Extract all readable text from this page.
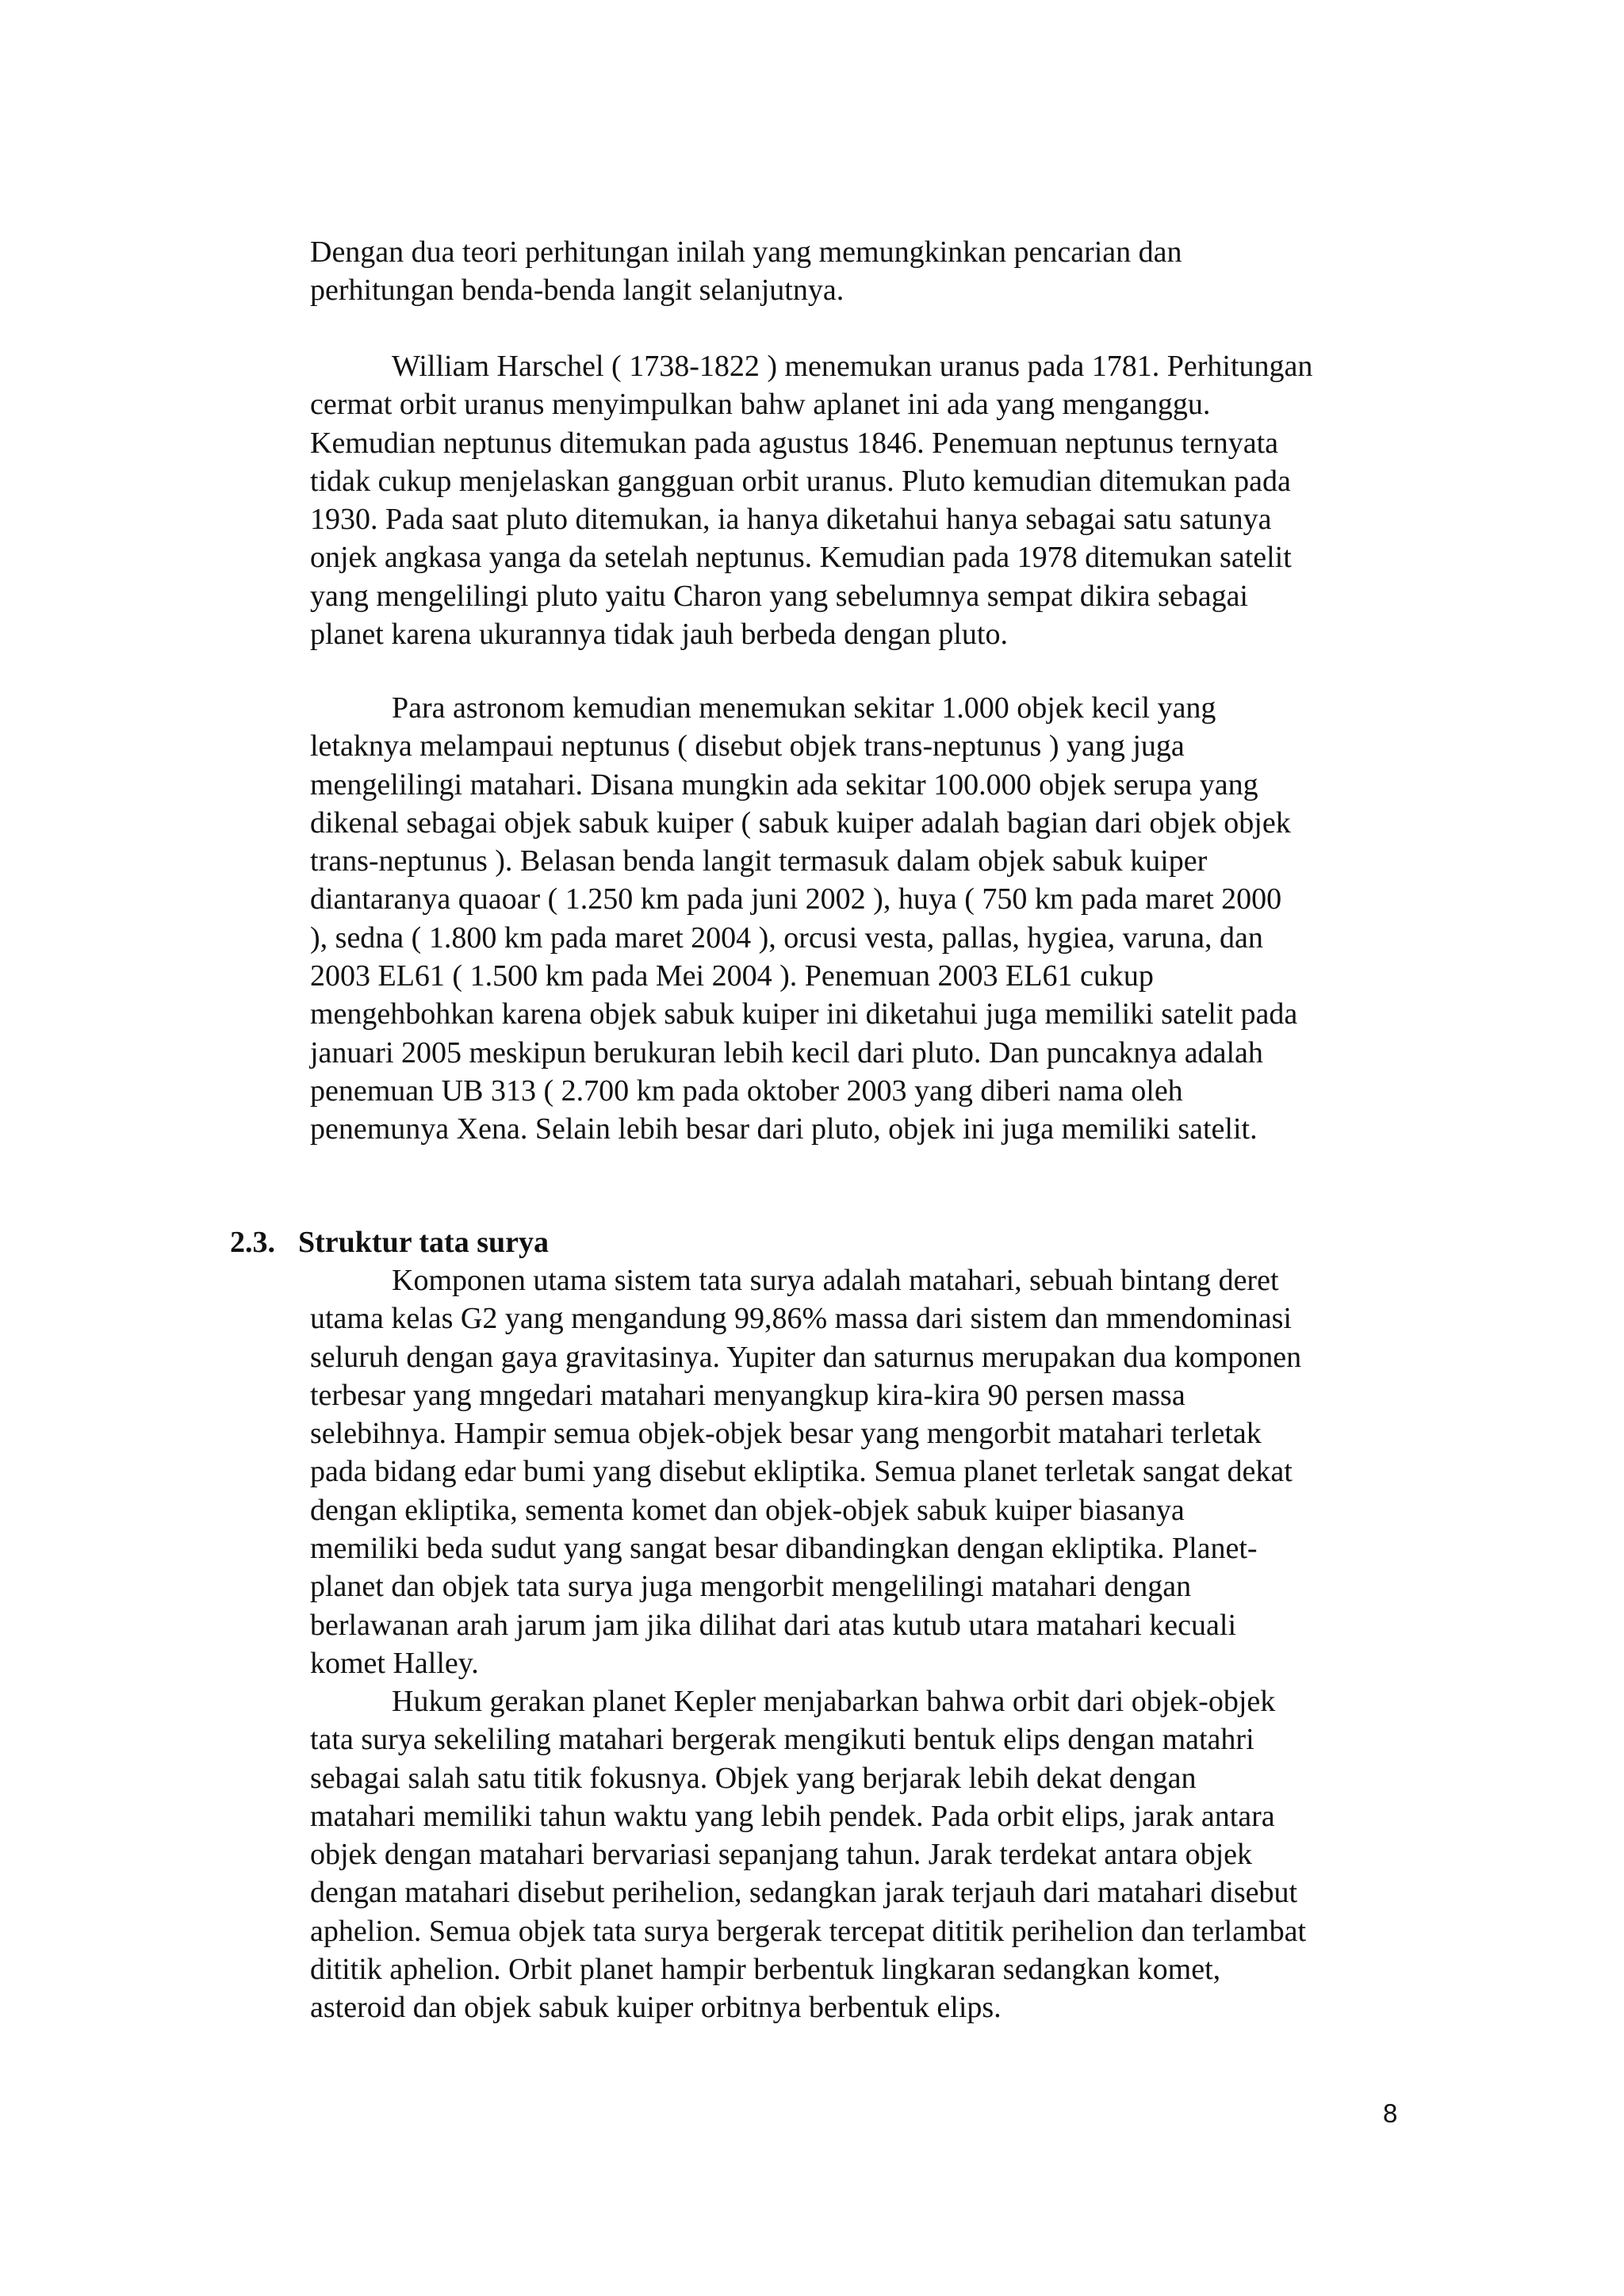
Dengan dua teori perhitungan inilah yang memungkinkan pencarian dan
perhitungan benda-benda langit selanjutnya.

William Harschel ( 1738-1822 ) menemukan uranus pada 1781. Perhitungan
cermat orbit uranus menyimpulkan bahw aplanet ini ada yang menganggu.
Kemudian neptunus ditemukan pada agustus 1846. Penemuan neptunus ternyata
tidak cukup menjelaskan gangguan orbit uranus. Pluto kemudian ditemukan pada
1930. Pada saat pluto ditemukan, ia hanya diketahui hanya sebagai satu satunya
onjek angkasa yanga da setelah neptunus. Kemudian pada 1978 ditemukan satelit
yang mengelilingi pluto yaitu Charon yang sebelumnya sempat dikira sebagai
planet karena ukurannya tidak jauh berbeda dengan pluto.

Para astronom kemudian menemukan sekitar 1.000 objek kecil yang
letaknya melampaui neptunus ( disebut objek trans-neptunus ) yang juga
mengelilingi matahari. Disana mungkin ada sekitar 100.000 objek serupa yang
dikenal sebagai objek sabuk kuiper ( sabuk kuiper adalah bagian dari objek objek
trans-neptunus ). Belasan benda langit termasuk dalam objek sabuk kuiper
diantaranya quaoar ( 1.250 km pada juni 2002 ), huya ( 750 km pada maret 2000
), sedna ( 1.800 km pada maret 2004 ), orcusi vesta, pallas, hygiea, varuna, dan
2003 EL61 ( 1.500 km pada Mei 2004 ). Penemuan 2003 EL61 cukup
mengehbohkan karena objek sabuk kuiper ini diketahui juga memiliki satelit pada
januari 2005 meskipun berukuran lebih kecil dari pluto. Dan puncaknya adalah
penemuan UB 313 ( 2.700 km pada oktober 2003 yang diberi nama oleh
penemunya Xena. Selain lebih besar dari pluto, objek ini juga memiliki satelit.

2.3. Struktur tata surya

Komponen utama sistem tata surya adalah matahari, sebuah bintang deret
utama kelas G2 yang mengandung 99,86% massa dari sistem dan mmendominasi
seluruh dengan gaya gravitasinya. Yupiter dan saturnus merupakan dua komponen
terbesar yang mngedari matahari menyangkup kira-kira 90 persen massa
selebihnya. Hampir semua objek-objek besar yang mengorbit matahari terletak
pada bidang edar bumi yang disebut ekliptika. Semua planet terletak sangat dekat
dengan ekliptika, sementa komet dan objek-objek sabuk kuiper biasanya
memiliki beda sudut yang sangat besar dibandingkan dengan ekliptika. Planet-
planet dan objek tata surya juga mengorbit mengelilingi matahari dengan
berlawanan arah jarum jam jika dilihat dari atas kutub utara matahari kecuali
komet Halley.

Hukum gerakan planet Kepler menjabarkan bahwa orbit dari objek-objek
tata surya sekeliling matahari bergerak mengikuti bentuk elips dengan matahri
sebagai salah satu titik fokusnya. Objek yang berjarak lebih dekat dengan
matahari memiliki tahun waktu yang lebih pendek. Pada orbit elips, jarak antara
objek dengan matahari bervariasi sepanjang tahun. Jarak terdekat antara objek
dengan matahari disebut perihelion, sedangkan jarak terjauh dari matahari disebut
aphelion. Semua objek tata surya bergerak tercepat dititik perihelion dan terlambat
dititik aphelion. Orbit planet hampir berbentuk lingkaran sedangkan komet,
asteroid dan objek sabuk kuiper orbitnya berbentuk elips.

8
